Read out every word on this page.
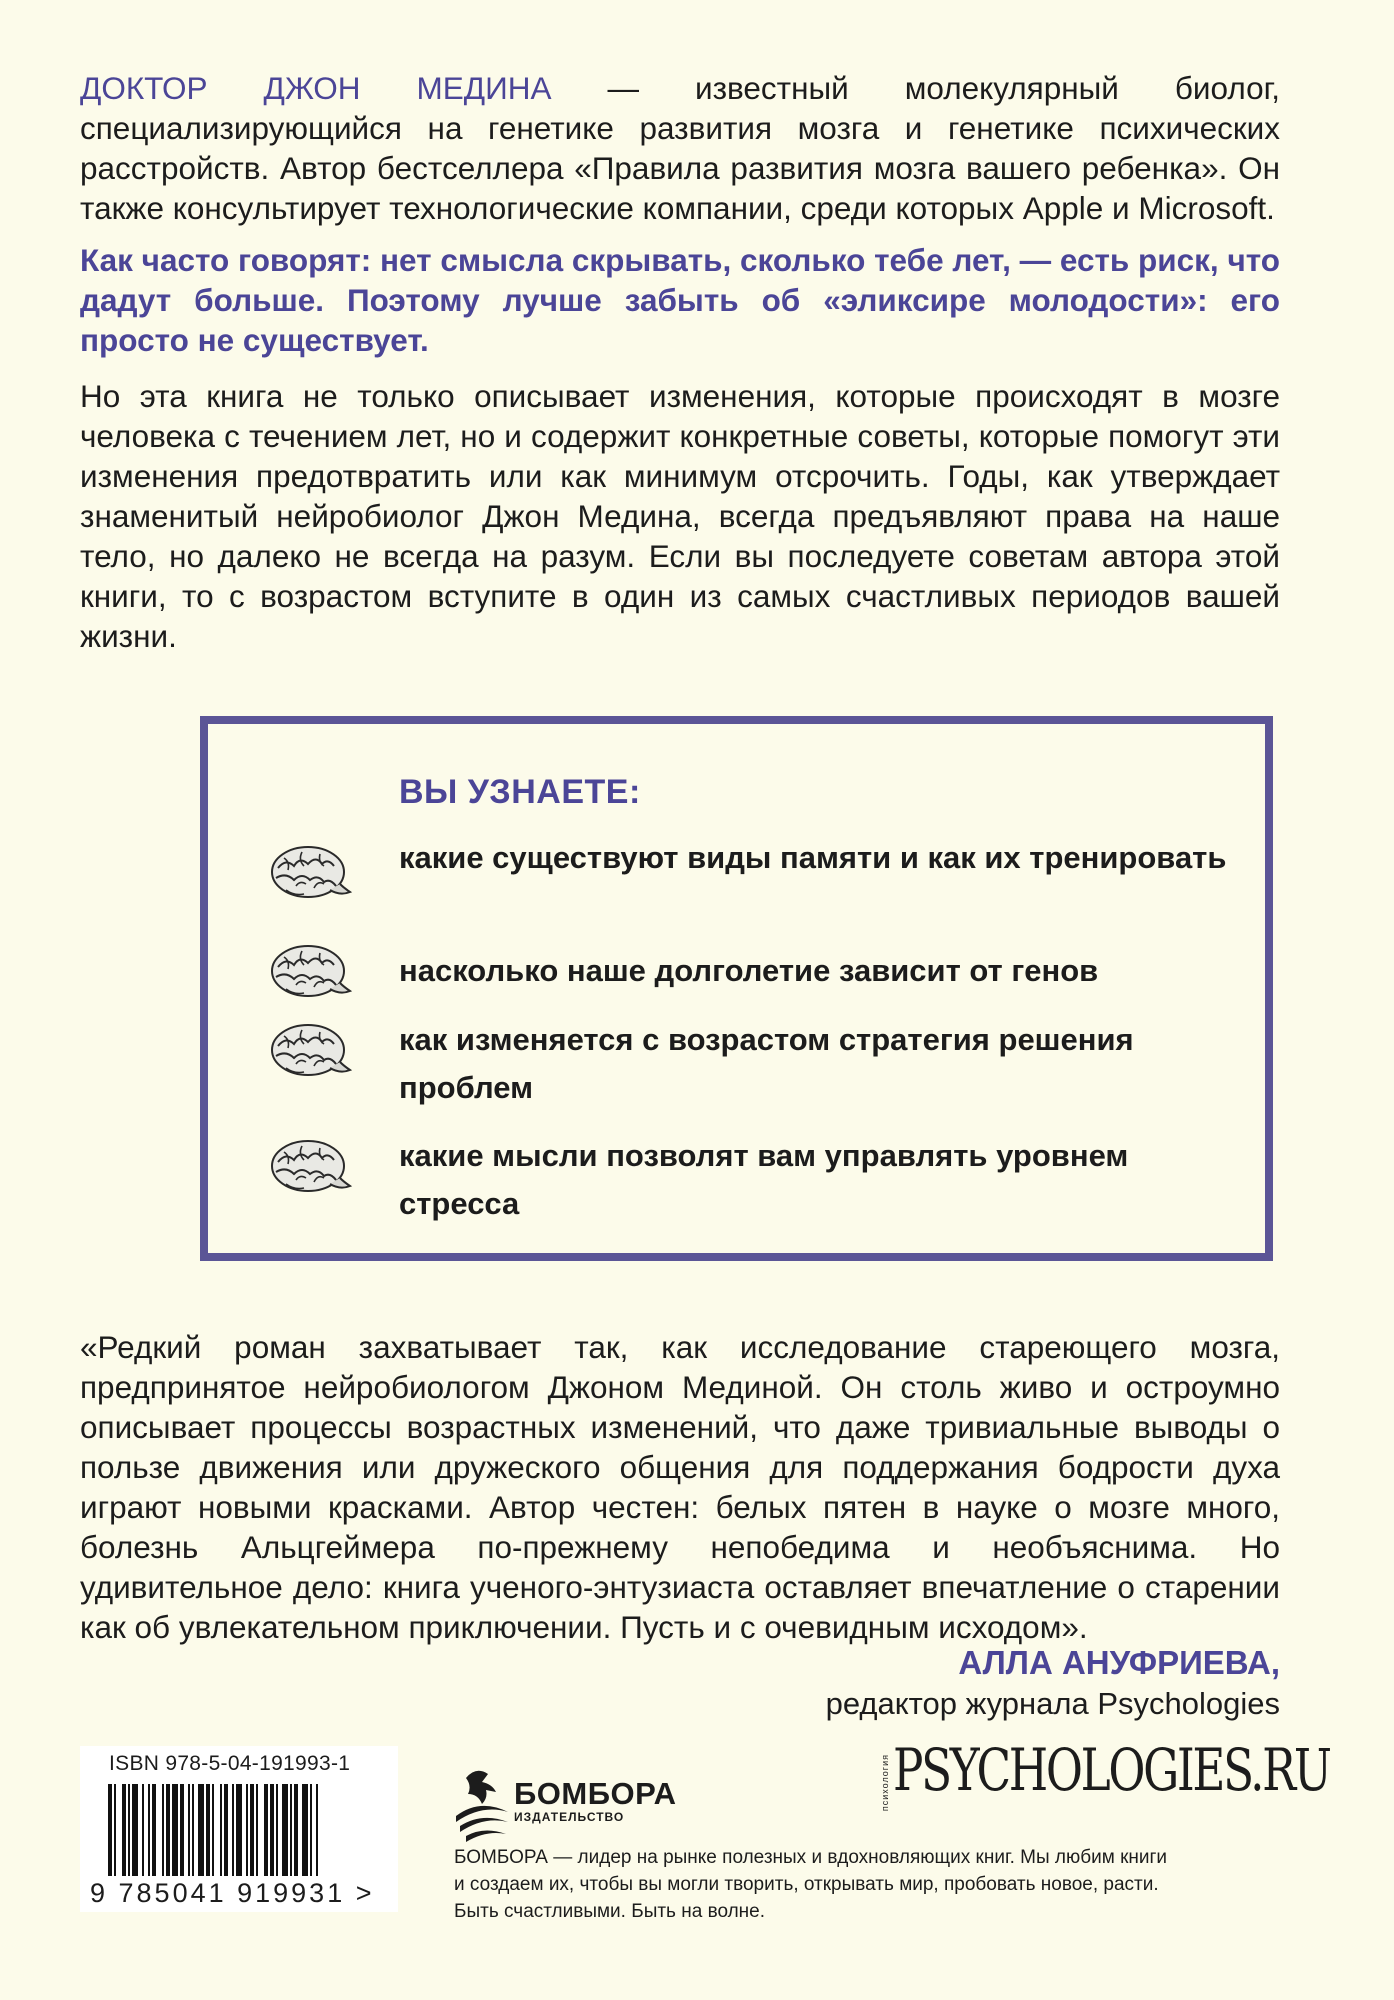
ДОКТОР ДЖОН МЕДИНА — известный молекулярный биолог, специализирующийся на генетике развития мозга и генетике психических расстройств. Автор бестселлера «Правила развития мозга вашего ребенка». Он также консультирует технологические компании, среди которых Apple и Microsoft.

Как часто говорят: нет смысла скрывать, сколько тебе лет, — есть риск, что дадут больше. Поэтому лучше забыть об «эликсире молодости»: его просто не существует.

Но эта книга не только описывает изменения, которые происходят в мозге человека с течением лет, но и содержит конкретные советы, которые помогут эти изменения предотвратить или как минимум отсрочить. Годы, как утверждает знаменитый нейробиолог Джон Медина, всегда предъявляют права на наше тело, но далеко не всегда на разум. Если вы последуете советам автора этой книги, то с возрастом вступите в один из самых счастливых периодов вашей жизни.

ВЫ УЗНАЕТЕ:
какие существуют виды памяти и как их тренировать
насколько наше долголетие зависит от генов
как изменяется с возрастом стратегия решения проблем
какие мысли позволят вам управлять уровнем стресса

«Редкий роман захватывает так, как исследование стареющего мозга, предпринятое нейробиологом Джоном Мединой. Он столь живо и остроумно описывает процессы возрастных изменений, что даже тривиальные выводы о пользе движения или дружеского общения для поддержания бодрости духа играют новыми красками. Автор честен: белых пятен в науке о мозге много, болезнь Альцгеймера по-прежнему непобедима и необъяснима. Но удивительное дело: книга ученого-энтузиаста оставляет впечатление о старении как об увлекательном приключении. Пусть и с очевидным исходом».

АЛЛА АНУФРИЕВА,
редактор журнала Psychologies
ISBN 978-5-04-191993-1
9 785041 919931 >
БОМБОРА
ИЗДАТЕЛЬСТВО
психология PSYCHOLOGIES.RU

БОМБОРА — лидер на рынке полезных и вдохновляющих книг. Мы любим книги и создаем их, чтобы вы могли творить, открывать мир, пробовать новое, расти. Быть счастливыми. Быть на волне.
